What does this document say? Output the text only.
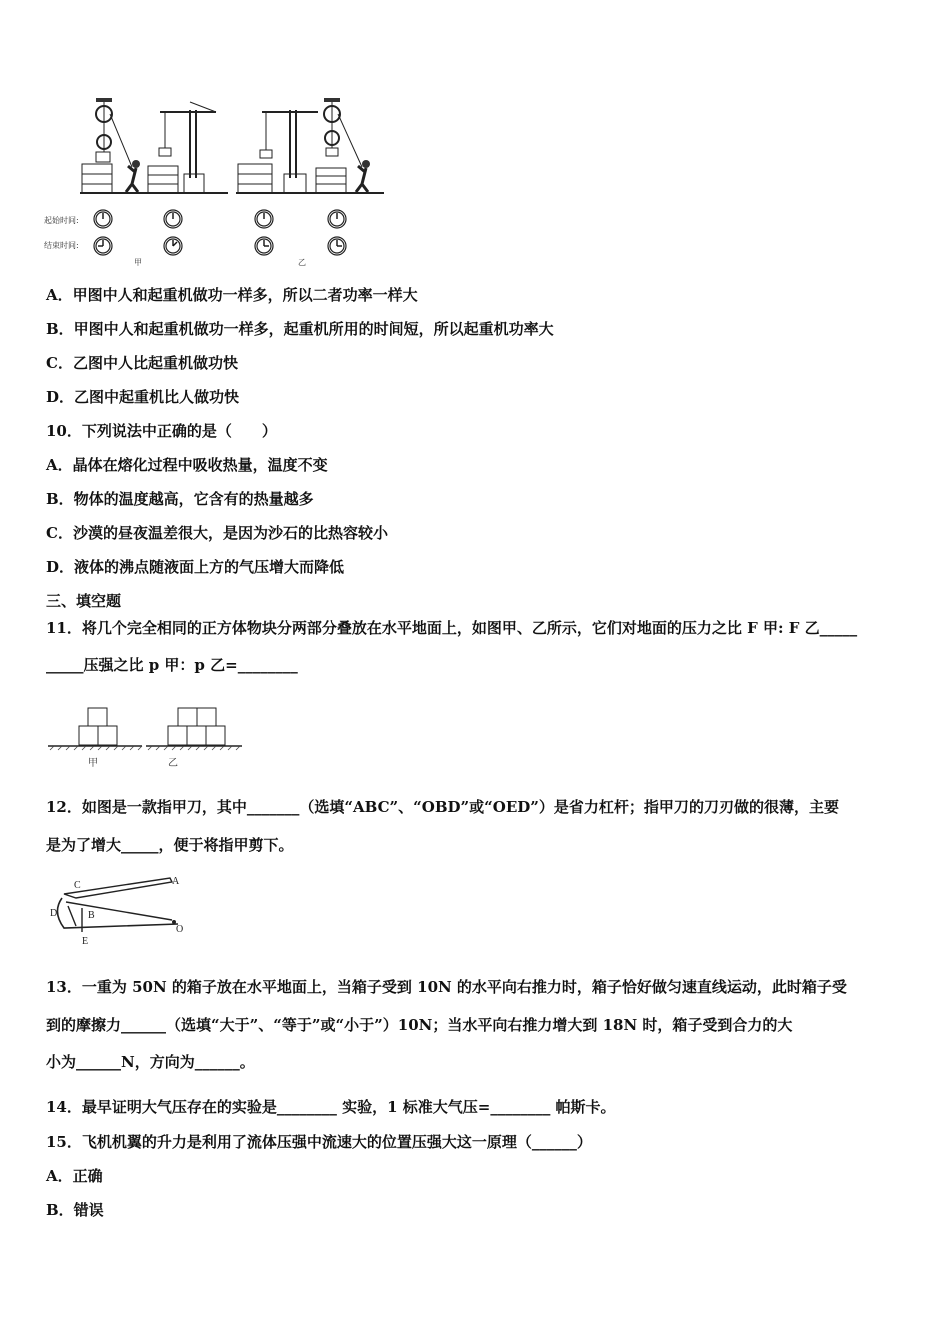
起始时间:
结束时间:
甲	乙
A．甲图中人和起重机做功一样多，所以二者功率一样大
B．甲图中人和起重机做功一样多，起重机所用的时间短，所以起重机功率大
C．乙图中人比起重机做功快
D．乙图中起重机比人做功快
10．下列说法中正确的是（　　）
A．晶体在熔化过程中吸收热量，温度不变
B．物体的温度越高，它含有的热量越多
C．沙漠的昼夜温差很大，是因为沙石的比热容较小
D．液体的沸点随液面上方的气压增大而降低
三、填空题
11．将几个完全相同的正方体物块分两部分叠放在水平地面上，如图甲、乙所示，它们对地面的压力之比 F 甲: F 乙_____
_____压强之比 p 甲：p 乙=________
甲	乙
12．如图是一款指甲刀，其中_______（选填“ABC”、“OBD”或“OED”）是省力杠杆；指甲刀的刀刃做的很薄，主要
是为了增大_____，便于将指甲剪下。
C	A
D	B
O
E
13．一重为 50N 的箱子放在水平地面上，当箱子受到 10N 的水平向右推力时，箱子恰好做匀速直线运动，此时箱子受
到的摩擦力______（选填“大于”、“等于”或“小于”）10N；当水平向右推力增大到 18N 时，箱子受到合力的大
小为______N，方向为______。
14．最早证明大气压存在的实验是________ 实验，1 标准大气压=________ 帕斯卡。
15．飞机机翼的升力是利用了流体压强中流速大的位置压强大这一原理（______）
A．正确
B．错误
